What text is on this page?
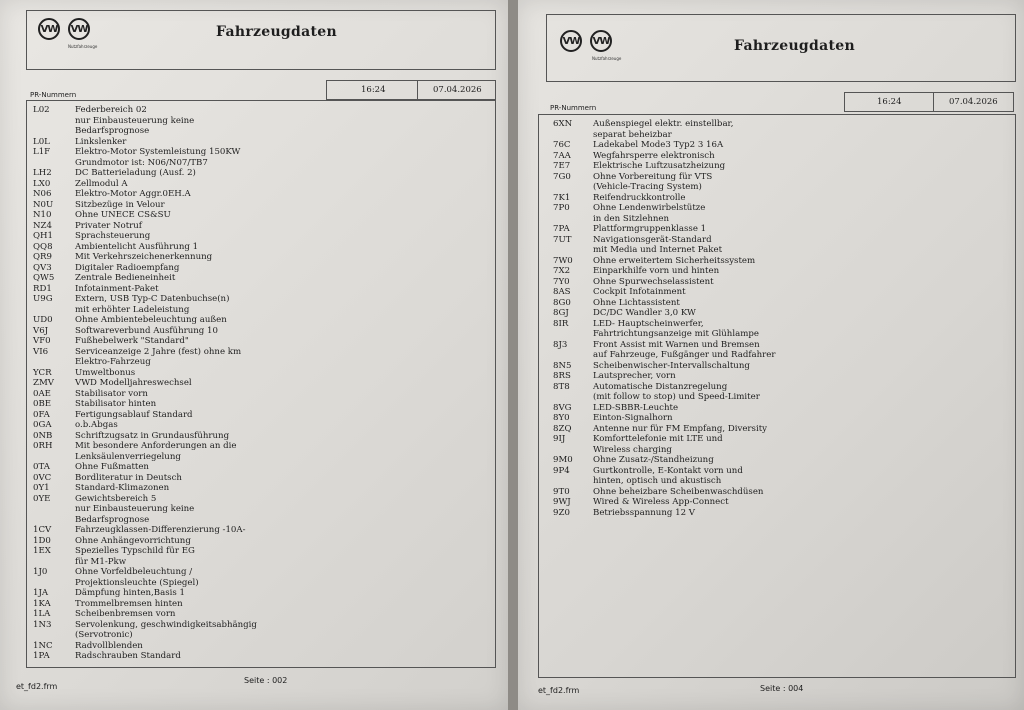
VW VW
Nutzfahrzeuge
Fahrzeugdaten
16:24	07.04.2026
PR-Nummern
L02	Federbereich 02
nur Einbausteuerung keine
Bedarfsprognose
L0L	Linkslenker
L1F	Elektro-Motor Systemleistung 150KW
Grundmotor ist: N06/N07/TB7
LH2	DC Batterieladung (Ausf. 2)
LX0	Zellmodul A
N06	Elektro-Motor Aggr.0EH.A
N0U	Sitzbezüge in Velour
N10	Ohne UNECE CS&SU
NZ4	Privater Notruf
QH1	Sprachsteuerung
QQ8	Ambientelicht Ausführung 1
QR9	Mit Verkehrszeichenerkennung
QV3	Digitaler Radioempfang
QW5 Zentrale Bedieneinheit
RD1	Infotainment-Paket
U9G	Extern, USB Typ-C Datenbuchse(n)
mit erhöhter Ladeleistung
UD0	Ohne Ambientebeleuchtung außen
V6J	Softwareverbund Ausführung 10
VF0	Fußhebelwerk "Standard"
VI6	Serviceanzeige 2 Jahre (fest) ohne km
Elektro-Fahrzeug
YCR	Umweltbonus
ZMV VWD Modelljahreswechsel
0AE	Stabilisator vorn
0BE	Stabilisator hinten
0FA	Fertigungsablauf Standard
0GA	o.b.Abgas
0NB	Schriftzugsatz in Grundausführung
0RH	Mit besondere Anforderungen an die
Lenksäulenverriegelung
0TA	Ohne Fußmatten
0VC	Bordliteratur in Deutsch
0Y1	Standard-Klimazonen
0YE	Gewichtsbereich 5
nur Einbausteuerung keine
Bedarfsprognose
1CV	Fahrzeugklassen-Differenzierung -10A-
1D0	Ohne Anhängevorrichtung
1EX	Spezielles Typschild für EG
für M1-Pkw
1J0	Ohne Vorfeldbeleuchtung /
Projektionsleuchte (Spiegel)
1JA	Dämpfung hinten,Basis 1
1KA	Trommelbremsen hinten
1LA	Scheibenbremsen vorn
1N3	Servolenkung, geschwindigkeitsabhängig
(Servotronic)
1NC	Radvollblenden
1PA	Radschrauben Standard
et_fd2.frm
Seite : 002
VW VW
Nutzfahrzeuge
Fahrzeugdaten
16:24	07.04.2026
PR-Nummern
6XN Außenspiegel elektr. einstellbar,
separat beheizbar
76C	Ladekabel Mode3 Typ2 3 16A
7AA	Wegfahrsperre elektronisch
7E7	Elektrische Luftzusatzheizung
7G0	Ohne Vorbereitung für VTS
(Vehicle-Tracing System)
7K1	Reifendruckkontrolle
7P0	Ohne Lendenwirbelstütze
in den Sitzlehnen
7PA	Plattformgruppenklasse 1
7UT	Navigationsgerät-Standard
mit Media und Internet Paket
7W0 Ohne erweitertem Sicherheitssystem
7X2	Einparkhilfe vorn und hinten
7Y0	Ohne Spurwechselassistent
8AS	Cockpit Infotainment
8G0	Ohne Lichtassistent
8GJ	DC/DC Wandler 3,0 KW
8IR	LED- Hauptscheinwerfer,
Fahrtrichtungsanzeige mit Glühlampe
8J3	Front Assist mit Warnen und Bremsen
auf Fahrzeuge, Fußgänger und Radfahrer
8N5	Scheibenwischer-Intervallschaltung
8RS	Lautsprecher, vorn
8T8	Automatische Distanzregelung
(mit follow to stop) und Speed-Limiter
8VG LED-SBBR-Leuchte
8Y0	Einton-Signalhorn
8ZQ	Antenne nur für FM Empfang, Diversity
9IJ	Komforttelefonie mit LTE und
Wireless charging
9M0 Ohne Zusatz-/Standheizung
9P4	Gurtkontrolle, E-Kontakt vorn und
hinten, optisch und akustisch
9T0	Ohne beheizbare Scheibenwaschdüsen
9WJ	Wired & Wireless App-Connect
9Z0	Betriebsspannung 12 V
et_fd2.frm	Seite : 004
